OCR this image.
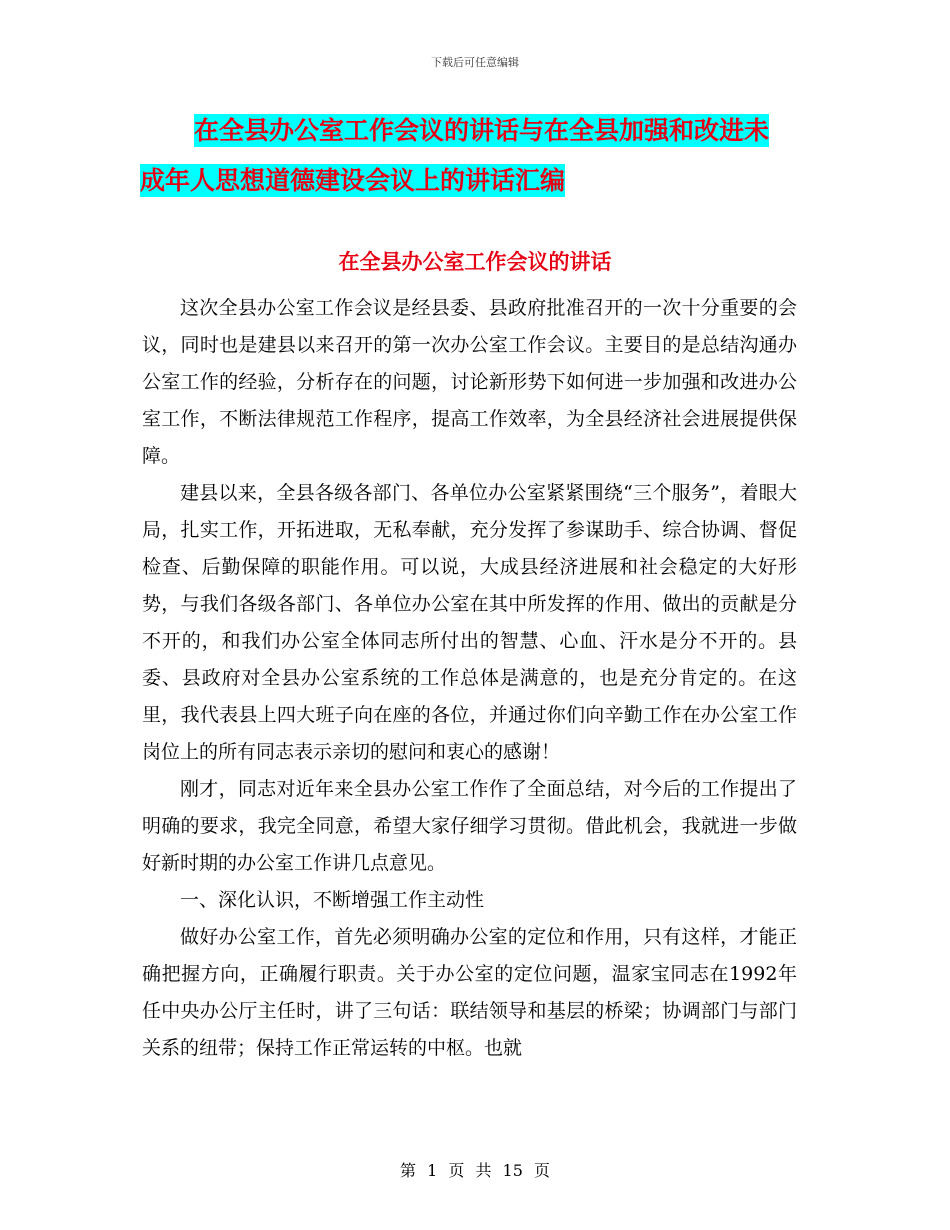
下载后可任意编辑
在全县办公室工作会议的讲话与在全县加强和改进未
成年人思想道德建设会议上的讲话汇编
在全县办公室工作会议的讲话

这次全县办公室工作会议是经县委、县政府批准召开的一次十分重要的会议，同时也是建县以来召开的第一次办公室工作会议。主要目的是总结沟通办公室工作的经验，分析存在的问题，讨论新形势下如何进一步加强和改进办公室工作，不断法律规范工作程序，提高工作效率，为全县经济社会进展提供保障。

建县以来，全县各级各部门、各单位办公室紧紧围绕“三个服务”，着眼大局，扎实工作，开拓进取，无私奉献，充分发挥了参谋助手、综合协调、督促检查、后勤保障的职能作用。可以说，大成县经济进展和社会稳定的大好形势，与我们各级各部门、各单位办公室在其中所发挥的作用、做出的贡献是分不开的，和我们办公室全体同志所付出的智慧、心血、汗水是分不开的。县委、县政府对全县办公室系统的工作总体是满意的，也是充分肯定的。在这里，我代表县上四大班子向在座的各位，并通过你们向辛勤工作在办公室工作岗位上的所有同志表示亲切的慰问和衷心的感谢！

刚才，同志对近年来全县办公室工作作了全面总结，对今后的工作提出了明确的要求，我完全同意，希望大家仔细学习贯彻。借此机会，我就进一步做好新时期的办公室工作讲几点意见。

一、深化认识，不断增强工作主动性

做好办公室工作，首先必须明确办公室的定位和作用，只有这样，才能正确把握方向，正确履行职责。关于办公室的定位问题，温家宝同志在1992年任中央办公厅主任时，讲了三句话：联结领导和基层的桥梁；协调部门与部门关系的纽带；保持工作正常运转的中枢。也就

第 1 页 共 15 页
